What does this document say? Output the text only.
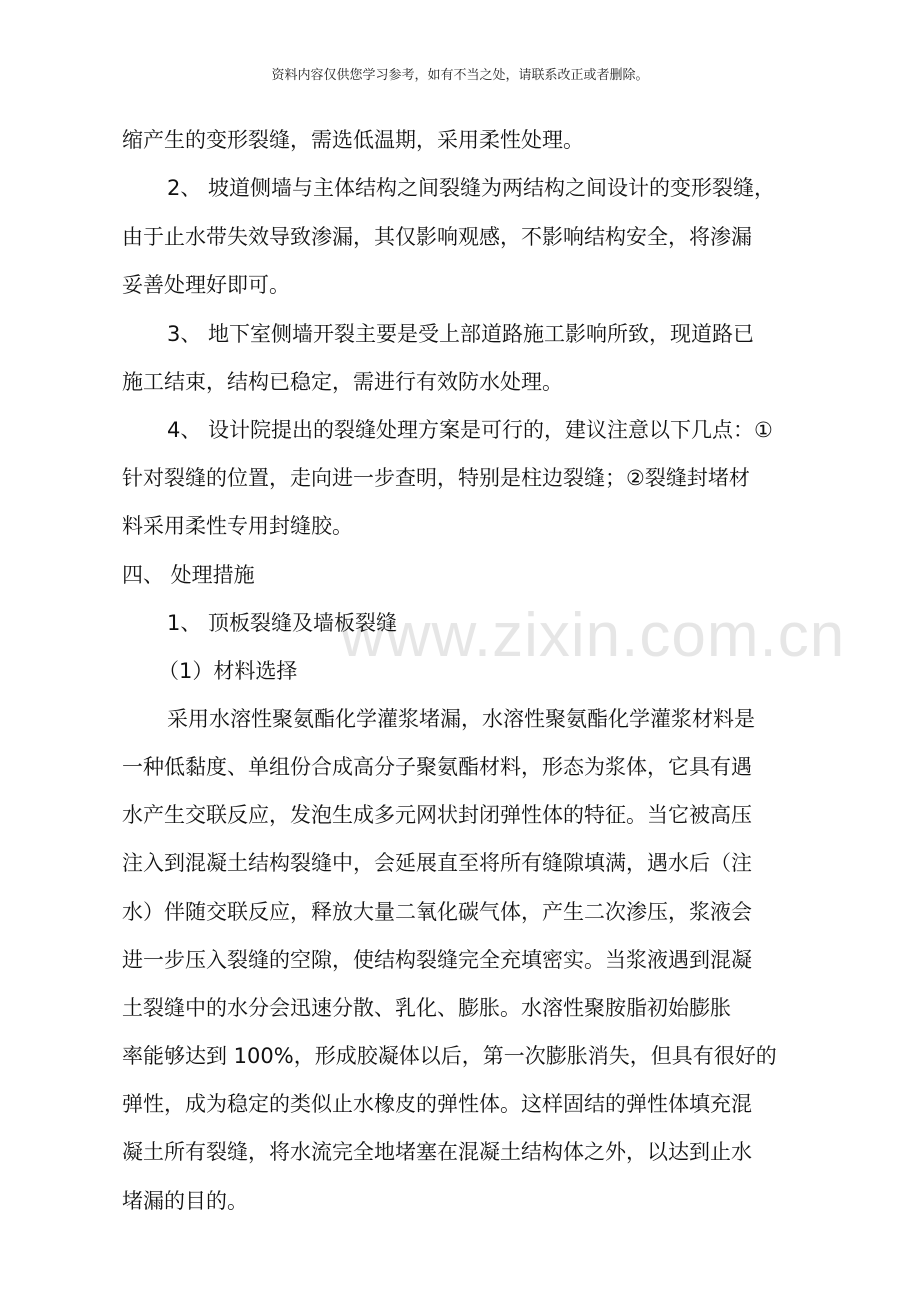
资料内容仅供您学习参考，如有不当之处，请联系改正或者删除。
www.zixin.com.cn
缩产生的变形裂缝，需选低温期，采用柔性处理。
2、 坡道侧墙与主体结构之间裂缝为两结构之间设计的变形裂缝，
由于止水带失效导致渗漏，其仅影响观感，不影响结构安全，将渗漏
妥善处理好即可。
3、 地下室侧墙开裂主要是受上部道路施工影响所致，现道路已
施工结束，结构已稳定，需进行有效防水处理。
4、 设计院提出的裂缝处理方案是可行的，建议注意以下几点：①
针对裂缝的位置，走向进一步查明，特别是柱边裂缝；②裂缝封堵材
料采用柔性专用封缝胶。
四、 处理措施
1、 顶板裂缝及墙板裂缝
（1）材料选择
采用水溶性聚氨酯化学灌浆堵漏，水溶性聚氨酯化学灌浆材料是
一种低黏度、单组份合成高分子聚氨酯材料，形态为浆体，它具有遇
水产生交联反应，发泡生成多元网状封闭弹性体的特征。当它被高压
注入到混凝土结构裂缝中，会延展直至将所有缝隙填满，遇水后（注
水）伴随交联反应，释放大量二氧化碳气体，产生二次渗压，浆液会
进一步压入裂缝的空隙，使结构裂缝完全充填密实。当浆液遇到混凝
土裂缝中的水分会迅速分散、乳化、膨胀。水溶性聚胺脂初始膨胀
率能够达到 100%，形成胶凝体以后，第一次膨胀消失，但具有很好的
弹性，成为稳定的类似止水橡皮的弹性体。这样固结的弹性体填充混
凝土所有裂缝，将水流完全地堵塞在混凝土结构体之外，以达到止水
堵漏的目的。
